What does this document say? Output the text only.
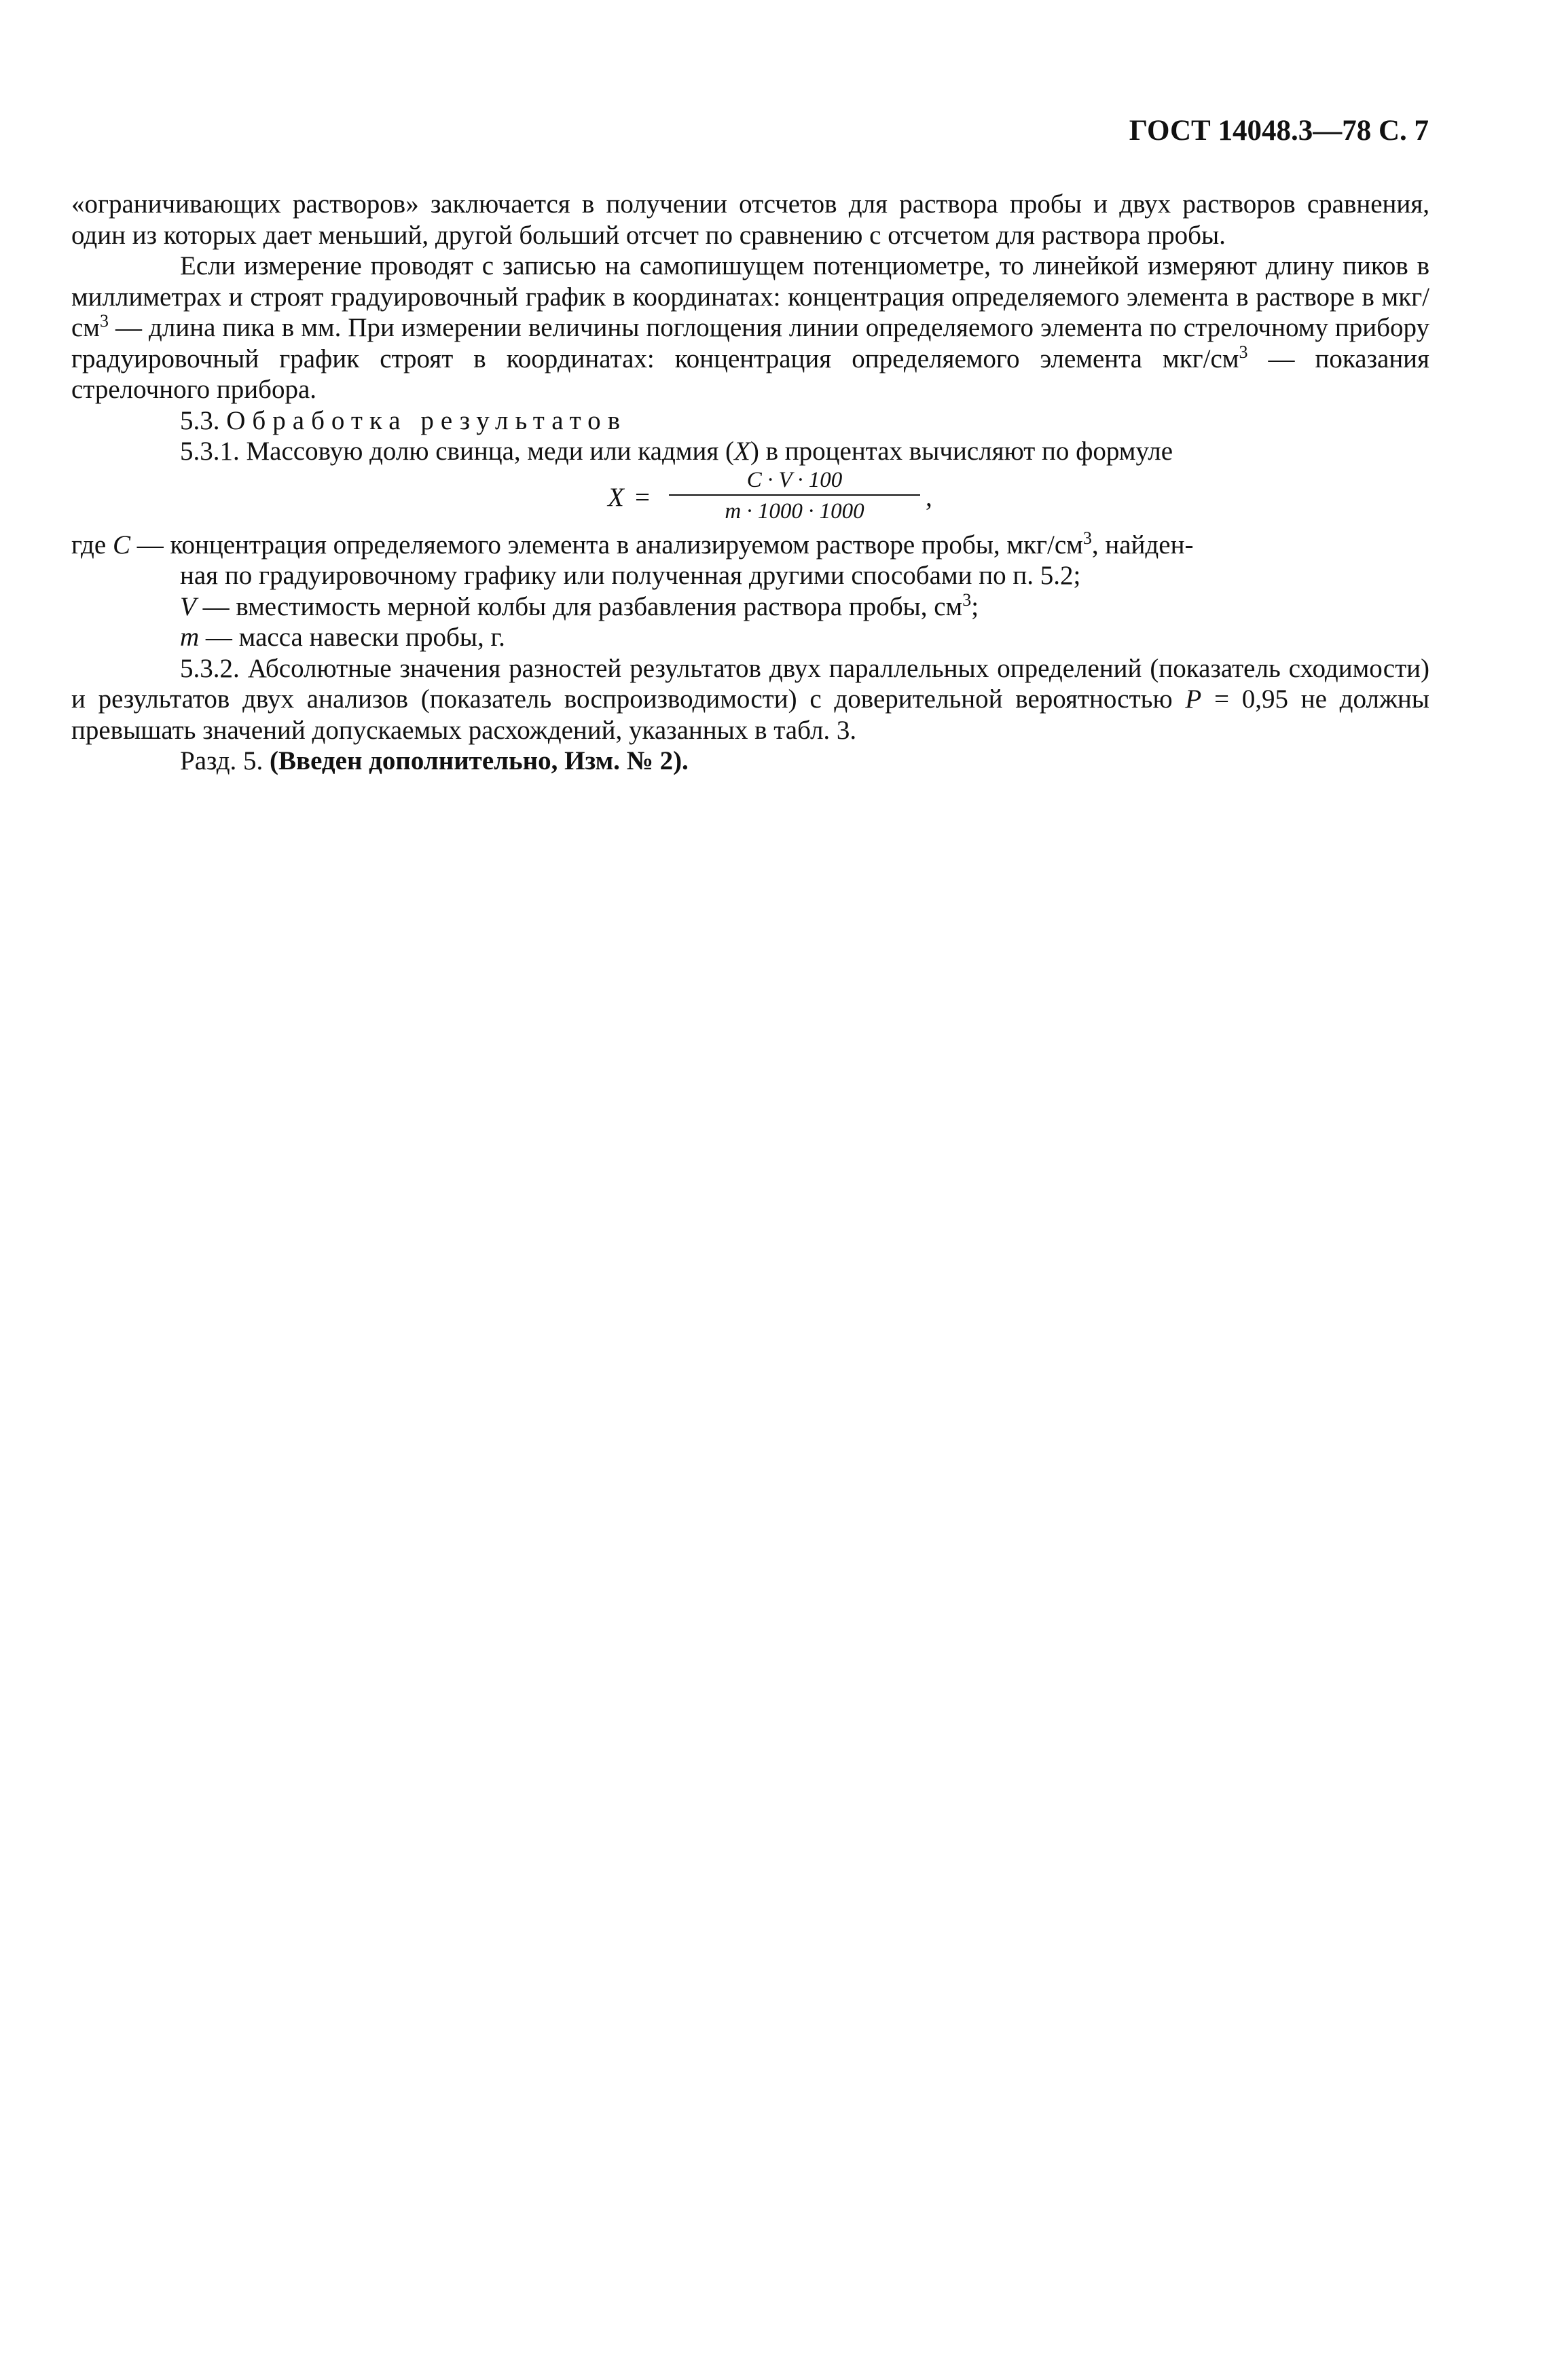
ГОСТ 14048.3—78 С. 7

«ограничивающих растворов» заключается в получении отсчетов для раствора пробы и двух растворов сравнения, один из которых дает меньший, другой больший отсчет по сравнению с отсчетом для раствора пробы.

Если измерение проводят с записью на самопишущем потенциометре, то линейкой измеряют длину пиков в миллиметрах и строят градуировочный график в координатах: концентрация определяемого элемента в растворе в мкг/$см^3$ — длина пика в мм. При измерении величины поглощения линии определяемого элемента по стрелочному прибору градуировочный график строят в координатах: концентрация определяемого элемента мкг/$см^3$ — показания стрелочного прибора.

5.3. Обработка результатов

5.3.1. Массовую долю свинца, меди или кадмия (X) в процентах вычисляют по формуле

$X = \frac{C \cdot V \cdot 100}{m \cdot 1000 \cdot 1000}$ ,

где C — концентрация определяемого элемента в анализируемом растворе пробы, мкг/$см^3$, найден-

ная по градуировочному графику или полученная другими способами по п. 5.2;

V — вместимость мерной колбы для разбавления раствора пробы, $см^3$;

m — масса навески пробы, г.

5.3.2. Абсолютные значения разностей результатов двух параллельных определений (показатель сходимости) и результатов двух анализов (показатель воспроизводимости) с доверительной вероятностью P = 0,95 не должны превышать значений допускаемых расхождений, указанных в табл. 3.

Разд. 5. (Введен дополнительно, Изм. № 2).
